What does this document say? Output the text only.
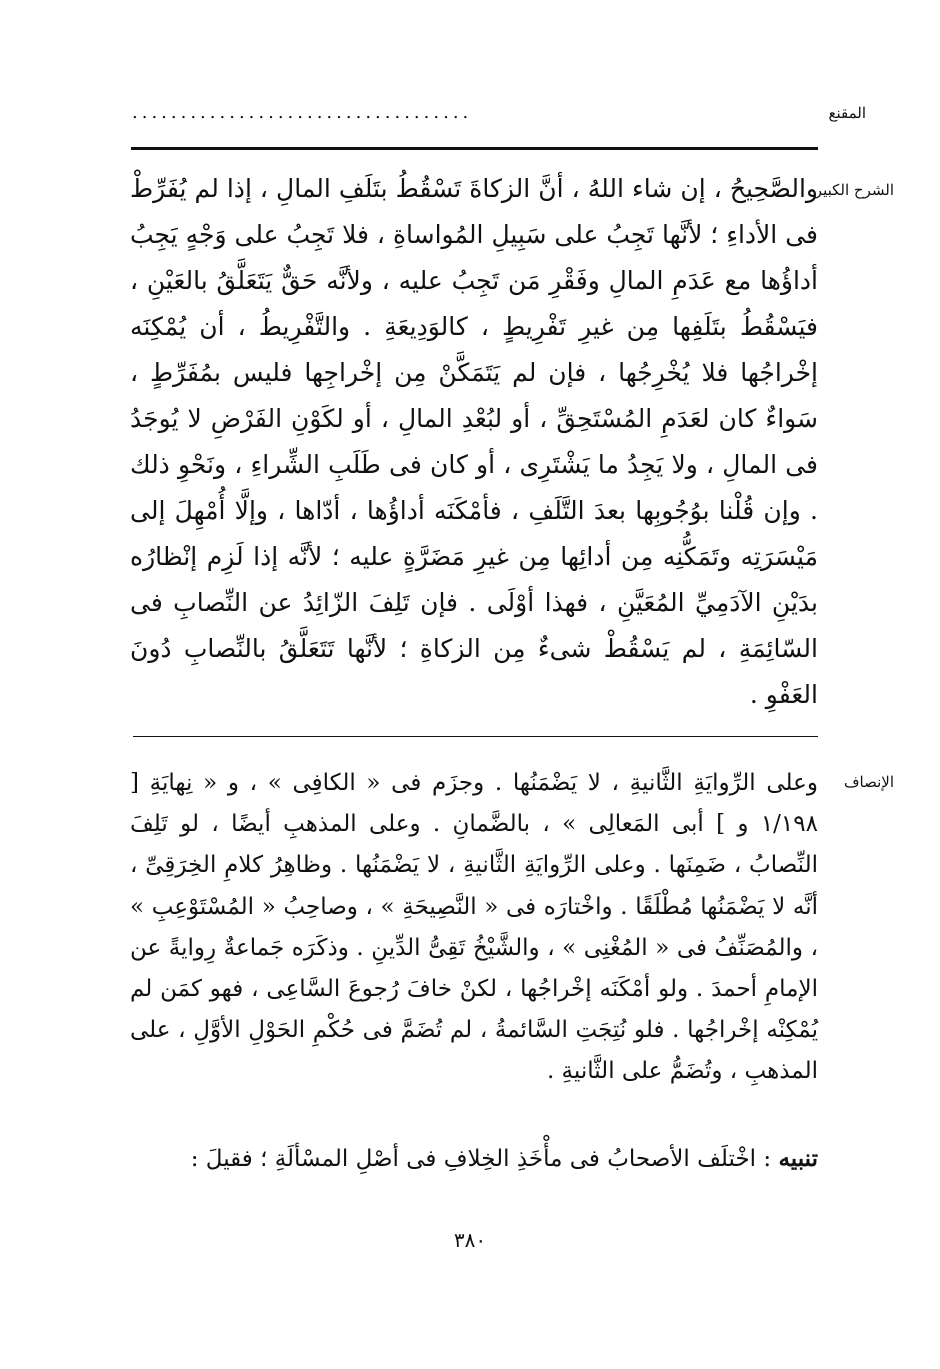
المقنع
...................................
الشرح الكبير

والصَّحِيحُ ، إن شاء اللهُ ، أنَّ الزكاةَ تَسْقُطُ بتَلَفِ المالِ ، إذا لم يُفَرِّطْ فى الأداءِ ؛ لأنَّها تَجِبُ على سَبِيلِ المُواساةِ ، فلا تَجِبُ على وَجْهٍ يَجِبُ أداؤُها مع عَدَمِ المالِ وفَقْرِ مَن تَجِبُ عليه ، ولأنَّه حَقٌّ يَتَعَلَّقُ بالعَيْنِ ، فيَسْقُطُ بتَلَفِها مِن غيرِ تَفْرِيطٍ ، كالوَدِيعَةِ . والتَّفْرِيطُ ، أن يُمْكِنَه إخْراجُها فلا يُخْرِجُها ، فإن لم يَتَمَكَّنْ مِن إخْراجِها فليس بمُفَرِّطٍ ، سَواءٌ كان لعَدَمِ المُسْتَحِقِّ ، أو لبُعْدِ المالِ ، أو لكَوْنِ الفَرْضِ لا يُوجَدُ فى المالِ ، ولا يَجِدُ ما يَشْتَرِى ، أو كان فى طَلَبِ الشِّراءِ ، ونَحْوِ ذلك . وإن قُلْنا بوُجُوبِها بعدَ التَّلَفِ ، فأمْكَنَه أداؤُها ، أدّاها ، وإلَّا أُمْهِلَ إلى مَيْسَرَتِه وتَمَكُّنِه مِن أدائِها مِن غيرِ مَضَرَّةٍ عليه ؛ لأنَّه إذا لَزِم إنْظارُه بدَيْنِ الآدَمِيِّ المُعَيَّنِ ، فهذا أوْلَى . فإن تَلِفَ الزّائِدُ عن النِّصابِ فى السّائِمَةِ ، لم يَسْقُطْ شىءٌ مِن الزكاةِ ؛ لأنَّها تَتَعَلَّقُ بالنِّصابِ دُونَ العَفْوِ .

الإنصاف

وعلى الرِّوايَةِ الثَّانيةِ ، لا يَضْمَنُها . وجزَم فى « الكافِى » ، و « نِهايَةِ [ ١/١٩٨ و ] أبى المَعالِى » ، بالضَّمانِ . وعلى المذهبِ أيضًا ، لو تَلِفَ النِّصابُ ، ضَمِنَها . وعلى الرِّوايَةِ الثَّانيةِ ، لا يَضْمَنُها . وظاهِرُ كلامِ الخِرَقِىِّ ، أنَّه لا يَضْمَنُها مُطْلَقًا . واخْتارَه فى « النَّصِيحَةِ » ، وصاحِبُ « المُسْتَوْعِبِ » ، والمُصَنِّفُ فى « المُغْنِى » ، والشَّيْخُ تَقِىُّ الدِّينِ . وذكَرَه جَماعةٌ رِوايةً عن الإمامِ أحمدَ . ولو أمْكَنَه إخْراجُها ، لكنْ خافَ رُجوعَ السَّاعِى ، فهو كمَن لم يُمْكِنْه إخْراجُها . فلو نُتِجَتِ السَّائمةُ ، لم تُضَمَّ فى حُكْمِ الحَوْلِ الأوَّلِ ، على المذهبِ ، وتُضَمُّ على الثَّانيةِ .

تنبيه : اخْتلَف الأصحابُ فى مأْخَذِ الخِلافِ فى أصْلِ المسْألَةِ ؛ فقيلَ :
٣٨٠
